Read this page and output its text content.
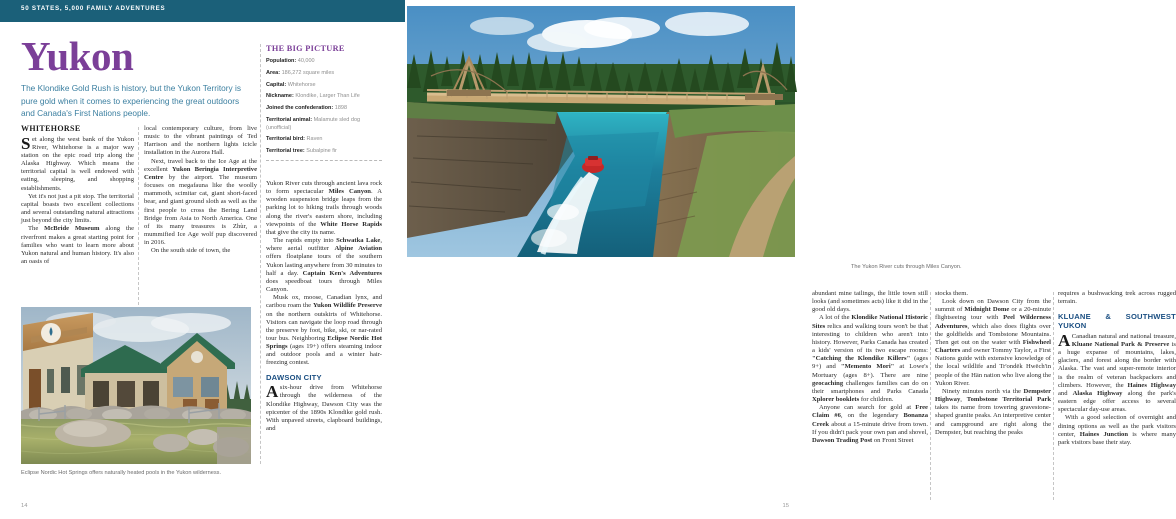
50 STATES, 5,000 FAMILY ADVENTURES
Yukon
The Klondike Gold Rush is history, but the Yukon Territory is pure gold when it comes to experiencing the great outdoors and Canada's First Nations people.
THE BIG PICTURE
Population: 40,000
Area: 186,272 square miles
Capital: Whitehorse
Nickname: Klondike, Larger Than Life
Joined the confederation: 1898
Territorial animal: Malamute sled dog (unofficial)
Territorial bird: Raven
Territorial tree: Subalpine fir
WHITEHORSE

Set along the west bank of the Yukon River, Whitehorse is a major way station on the epic road trip along the Alaska Highway. Which means the territorial capital is well endowed with eating, sleeping, and shopping establishments.

Yet it's not just a pit stop. The territorial capital boasts two excellent collections and several outstanding natural attractions just beyond the city limits.

The McBride Museum along the riverfront makes a great starting point for families who want to learn more about Yukon natural and human history. It's also an oasis of

local contemporary culture, from live music to the vibrant paintings of Ted Harrison and the northern lights icicle installation in the Aurora Hall.

Next, travel back to the Ice Age at the excellent Yukon Beringia Interpretive Centre by the airport. The museum focuses on megafauna like the woolly mammoth, scimitar cat, giant short-faced bear, and giant ground sloth as well as the first people to cross the Bering Land Bridge from Asia to North America. One of its many treasures is Zhùr, a mummified Ice Age wolf pup discovered in 2016.

On the south side of town, the

Yukon River cuts through ancient lava rock to form spectacular Miles Canyon. A wooden suspension bridge leaps from the parking lot to hiking trails through woods along the river's eastern shore, including viewpoints of the White Horse Rapids that give the city its name.

The rapids empty into Schwatka Lake, where aerial outfitter Alpine Aviation offers floatplane tours of the southern Yukon lasting anywhere from 30 minutes to half a day. Captain Ken's Adventures does speedboat tours through Miles Canyon.

Musk ox, moose, Canadian lynx, and caribou roam the Yukon Wildlife Preserve on the northern outskirts of Whitehorse. Visitors can navigate the loop road through the preserve by foot, bike, ski, or nar-rated tour bus. Neighboring Eclipse Nordic Hot Springs (ages 19+) offers steaming indoor and outdoor pools and a winter hair-freezing contest.

DAWSON CITY

A six-hour drive from Whitehorse through the wilderness of the Klondike Highway, Dawson City was the epicenter of the 1890s Klondike gold rush. With unpaved streets, clapboard buildings, and

Eclipse Nordic Hot Springs offers naturally heated pools in the Yukon wilderness.
14
The Yukon River cuts through Miles Canyon.

abundant mine tailings, the little town still looks (and sometimes acts) like it did in the good old days.

A lot of the Klondike National Historic Sites relics and walking tours won't be that interesting to children who aren't into history. However, Parks Canada has created a kids' version of its two escape rooms: "Catching the Klondike Killers" (ages 9+) and "Memento Mori" at Lowe's Mortuary (ages 8+). There are nine geocaching challenges families can do on their smartphones and Parks Canada Xplorer booklets for children.

Anyone can search for gold at Free Claim #6, on the legendary Bonanza Creek about a 15-minute drive from town. If you didn't pack your own pan and shovel, Dawson Trading Post on Front Street

stocks them.

Look down on Dawson City from the summit of Midnight Dome or a 20-minute flightseeing tour with Peel Wilderness Adventures, which also does flights over the goldfields and Tombstone Mountains. Then get out on the water with Fishwheel Charters and owner Tommy Taylor, a First Nations guide with extensive knowledge of the local wildlife and Tr'ondëk Hwëch'in people of the Hän nation who live along the Yukon River.

Ninety minutes north via the Dempster Highway, Tombstone Territorial Park takes its name from towering gravestone-shaped granite peaks. An interpretive center and campground are right along the Dempster, but reaching the peaks

requires a bushwacking trek across rugged terrain.

KLUANE & SOUTHWEST YUKON

A Canadian natural and national treasure, Kluane National Park & Preserve is a huge expanse of mountains, lakes, glaciers, and forest along the border with Alaska. The vast and super-remote interior is the realm of veteran backpackers and climbers. However, the Haines Highway and Alaska Highway along the park's eastern edge offer access to several spectacular day-use areas.

With a good selection of overnight and dining options as well as the park visitors center, Haines Junction is where many park visitors base their stay.

15
